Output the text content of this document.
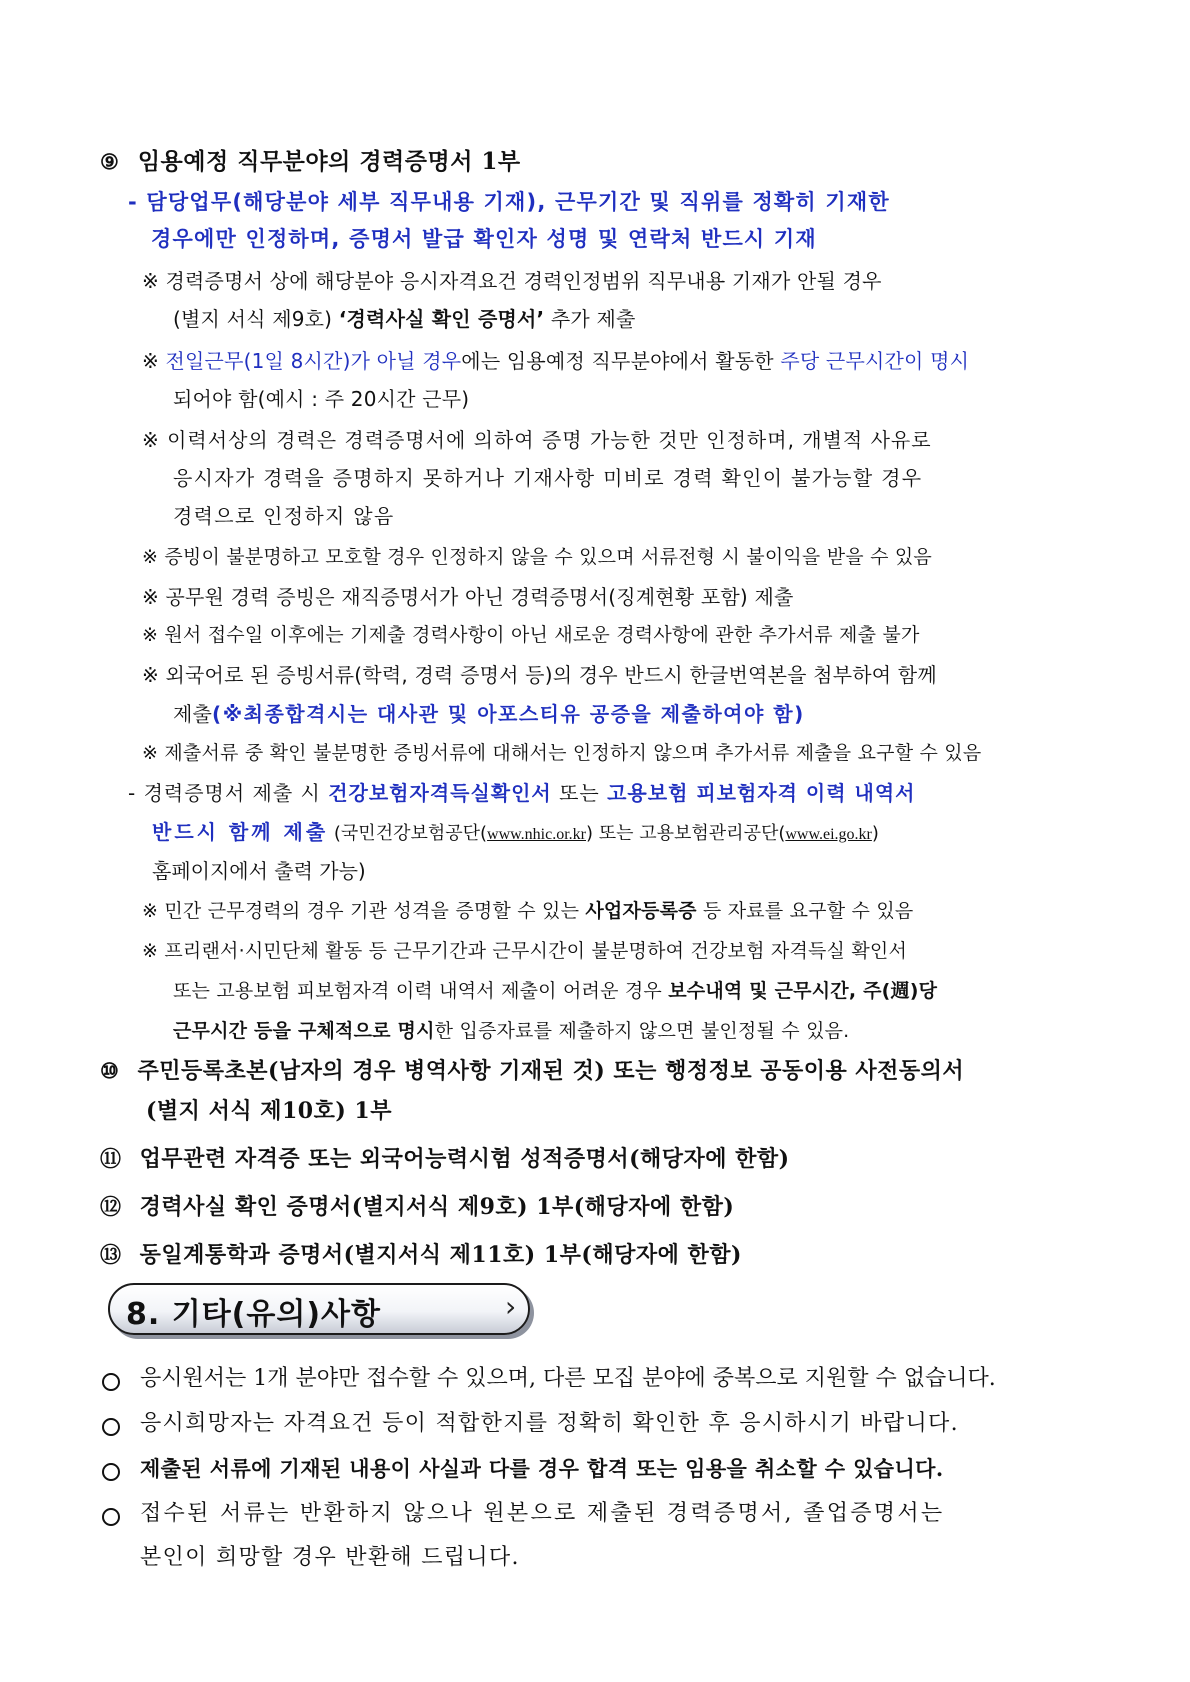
⑨ 임용예정 직무분야의 경력증명서 1부
- 담당업무(해당분야 세부 직무내용 기재), 근무기간 및 직위를 정확히 기재한
경우에만 인정하며, 증명서 발급 확인자 성명 및 연락처 반드시 기재
※ 경력증명서 상에 해당분야 응시자격요건 경력인정범위 직무내용 기재가 안될 경우
(별지 서식 제9호) ‘경력사실 확인 증명서’ 추가 제출
※ 전일근무(1일 8시간)가 아닐 경우에는 임용예정 직무분야에서 활동한 주당 근무시간이 명시
되어야 함(예시 : 주 20시간 근무)
※ 이력서상의 경력은 경력증명서에 의하여 증명 가능한 것만 인정하며, 개별적 사유로
응시자가 경력을 증명하지 못하거나 기재사항 미비로 경력 확인이 불가능할 경우
경력으로 인정하지 않음
※ 증빙이 불분명하고 모호할 경우 인정하지 않을 수 있으며 서류전형 시 불이익을 받을 수 있음
※ 공무원 경력 증빙은 재직증명서가 아닌 경력증명서(징계현황 포함) 제출
※ 원서 접수일 이후에는 기제출 경력사항이 아닌 새로운 경력사항에 관한 추가서류 제출 불가
※ 외국어로 된 증빙서류(학력, 경력 증명서 등)의 경우 반드시 한글번역본을 첨부하여 함께
제출(※최종합격시는 대사관 및 아포스티유 공증을 제출하여야 함)
※ 제출서류 중 확인 불분명한 증빙서류에 대해서는 인정하지 않으며 추가서류 제출을 요구할 수 있음
- 경력증명서 제출 시 건강보험자격득실확인서 또는 고용보험 피보험자격 이력 내역서
반드시 함께 제출 (국민건강보험공단(www.nhic.or.kr) 또는 고용보험관리공단(www.ei.go.kr)
홈페이지에서 출력 가능)
※ 민간 근무경력의 경우 기관 성격을 증명할 수 있는 사업자등록증 등 자료를 요구할 수 있음
※ 프리랜서·시민단체 활동 등 근무기간과 근무시간이 불분명하여 건강보험 자격득실 확인서
또는 고용보험 피보험자격 이력 내역서 제출이 어려운 경우 보수내역 및 근무시간, 주(週)당
근무시간 등을 구체적으로 명시한 입증자료를 제출하지 않으면 불인정될 수 있음.
⑩ 주민등록초본(남자의 경우 병역사항 기재된 것) 또는 행정정보 공동이용 사전동의서
(별지 서식 제10호) 1부
⑪ 업무관련 자격증 또는 외국어능력시험 성적증명서(해당자에 한함)
⑫ 경력사실 확인 증명서(별지서식 제9호) 1부(해당자에 한함)
⑬ 동일계통학과 증명서(별지서식 제11호) 1부(해당자에 한함)
8. 기타(유의)사항	›
응시원서는 1개 분야만 접수할 수 있으며, 다른 모집 분야에 중복으로 지원할 수 없습니다.
응시희망자는 자격요건 등이 적합한지를 정확히 확인한 후 응시하시기 바랍니다.
제출된 서류에 기재된 내용이 사실과 다를 경우 합격 또는 임용을 취소할 수 있습니다.
접수된 서류는 반환하지 않으나 원본으로 제출된 경력증명서, 졸업증명서는
본인이 희망할 경우 반환해 드립니다.
